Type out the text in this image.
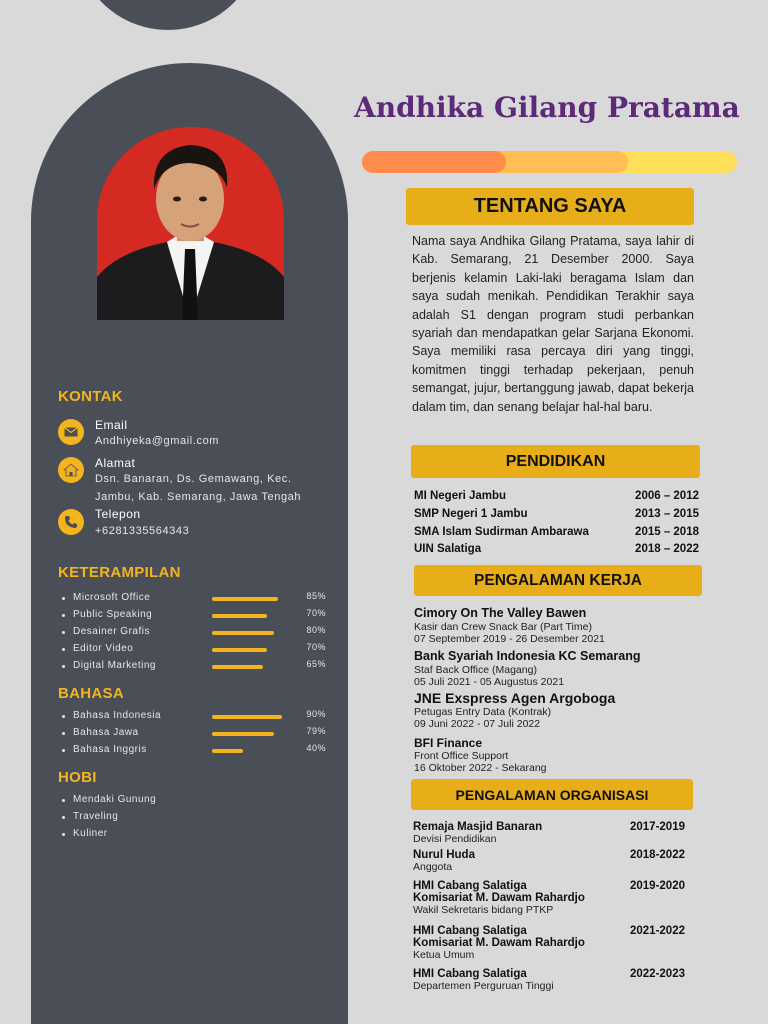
KONTAK
Email
Andhiyeka@gmail.com
Alamat
Dsn. Banaran, Ds. Gemawang, Kec.
Jambu, Kab. Semarang, Jawa Tengah
Telepon
+6281335564343
KETERAMPILAN
Microsoft Office	85%
Public Speaking	70%
Desainer Grafis	80%
Editor Video	70%
Digital Marketing	65%
BAHASA
Bahasa Indonesia	90%
Bahasa Jawa	79%
Bahasa Inggris	40%
HOBI
Mendaki Gunung
Traveling
Kuliner
Andhika Gilang Pratama
TENTANG SAYA

Nama saya Andhika Gilang Pratama, saya lahir di Kab. Semarang, 21 Desember 2000. Saya berjenis kelamin Laki-laki beragama Islam dan saya sudah menikah. Pendidikan Terakhir saya adalah S1 dengan program studi perbankan syariah dan mendapatkan gelar Sarjana Ekonomi. Saya memiliki rasa percaya diri yang tinggi, komitmen tinggi terhadap pekerjaan, penuh semangat, jujur, bertanggung jawab, dapat bekerja dalam tim, dan senang belajar hal-hal baru.

PENDIDIKAN
MI Negeri Jambu	2006 – 2012
SMP Negeri 1 Jambu	2013 – 2015
SMA Islam Sudirman Ambarawa	2015 – 2018
UIN Salatiga	2018 – 2022
PENGALAMAN KERJA
Cimory On The Valley Bawen
Kasir dan Crew Snack Bar (Part Time)
07 September 2019 - 26 Desember 2021
Bank Syariah Indonesia KC Semarang
Staf Back Office (Magang)
05 Juli 2021 - 05 Augustus 2021
JNE Exspress Agen Argoboga
Petugas Entry Data (Kontrak)
09 Juni 2022 - 07 Juli 2022
BFI Finance
Front Office Support
16 Oktober 2022 - Sekarang
PENGALAMAN ORGANISASI
Remaja Masjid Banaran
Devisi Pendidikan
2017-2019
Nurul Huda
Anggota
2018-2022
HMI Cabang Salatiga
Komisariat M. Dawam Rahardjo
Wakil Sekretaris bidang PTKP
2019-2020
HMI Cabang Salatiga
Komisariat M. Dawam Rahardjo
Ketua Umum
2021-2022
HMI Cabang Salatiga
Departemen Perguruan Tinggi
2022-2023
